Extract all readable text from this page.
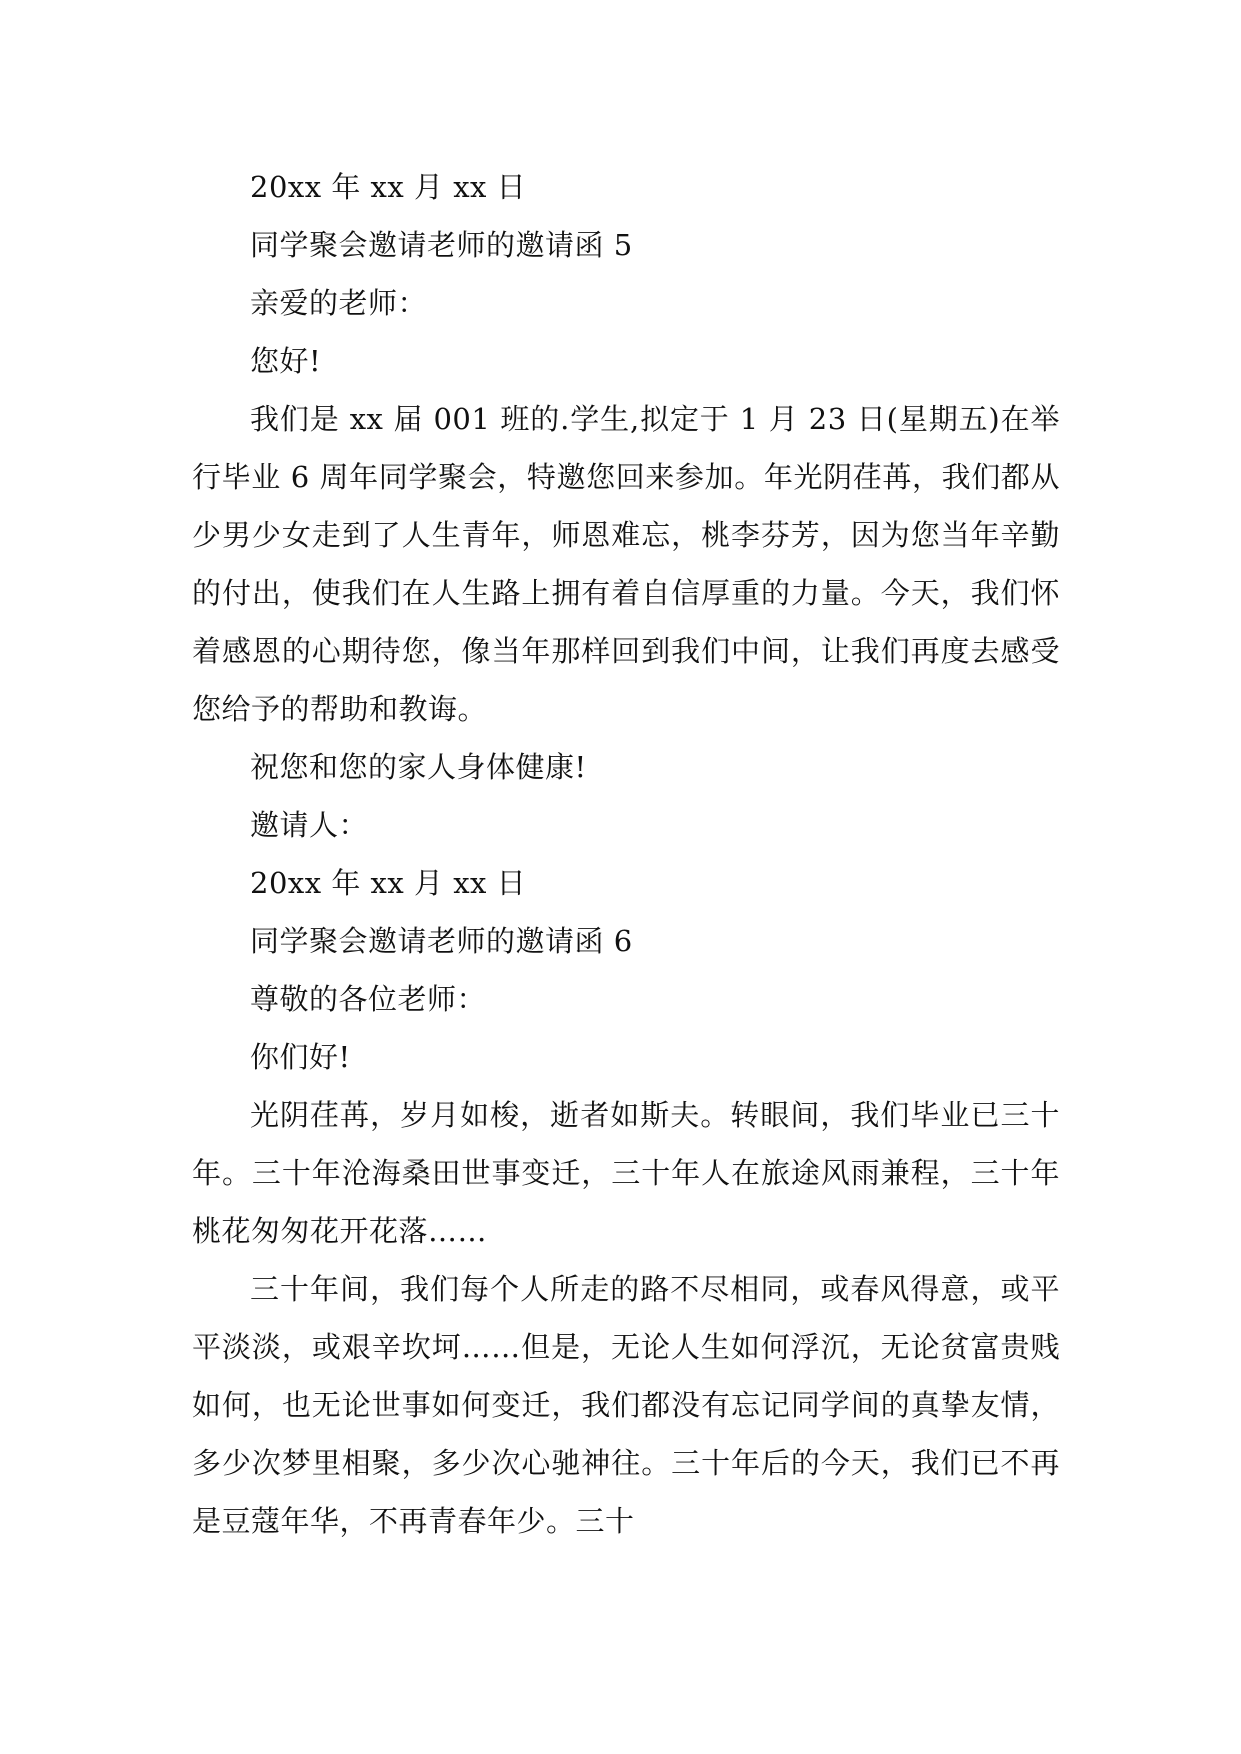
20xx 年 xx 月 xx 日

同学聚会邀请老师的邀请函 5

亲爱的老师：

您好!

我们是 xx 届 001 班的.学生,拟定于 1 月 23 日(星期五)在举行毕业 6 周年同学聚会，特邀您回来参加。年光阴荏苒，我们都从少男少女走到了人生青年，师恩难忘，桃李芬芳，因为您当年辛勤的付出，使我们在人生路上拥有着自信厚重的力量。今天，我们怀着感恩的心期待您，像当年那样回到我们中间，让我们再度去感受您给予的帮助和教诲。

祝您和您的家人身体健康!

邀请人：

20xx 年 xx 月 xx 日

同学聚会邀请老师的邀请函 6

尊敬的各位老师：

你们好!

光阴荏苒，岁月如梭，逝者如斯夫。转眼间，我们毕业已三十年。三十年沧海桑田世事变迁，三十年人在旅途风雨兼程，三十年桃花匆匆花开花落……

三十年间，我们每个人所走的路不尽相同，或春风得意，或平平淡淡，或艰辛坎坷……但是，无论人生如何浮沉，无论贫富贵贱如何，也无论世事如何变迁，我们都没有忘记同学间的真挚友情，多少次梦里相聚，多少次心驰神往。三十年后的今天，我们已不再是豆蔻年华，不再青春年少。三十
